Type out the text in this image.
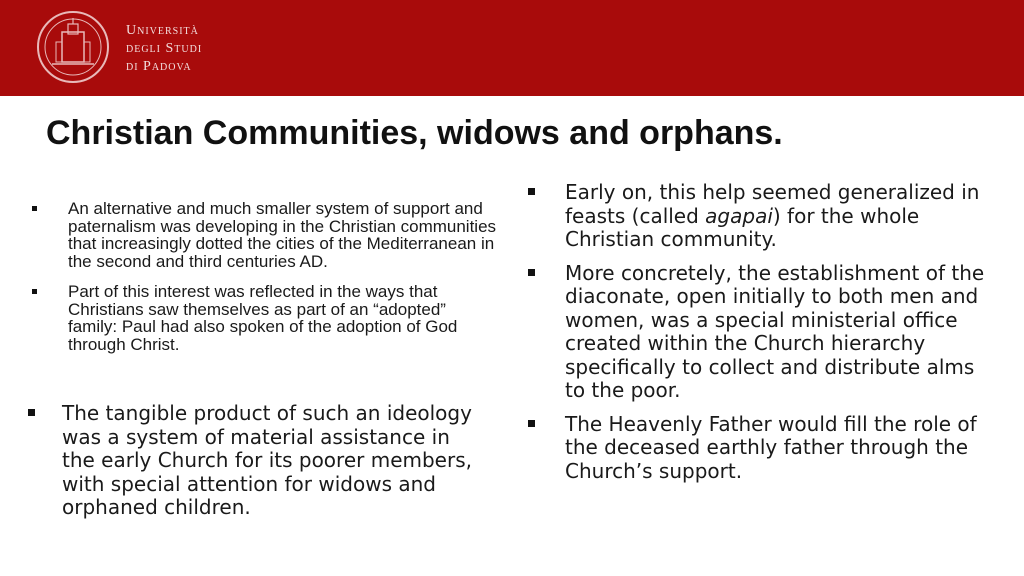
Università
degli Studi
di Padova
Christian Communities, widows and orphans.
An alternative and much smaller system of support and paternalism was developing in the Christian communities that increasingly dotted the cities of the Mediterranean in the second and third centuries AD.
Part of this interest was reflected in the ways that Christians saw themselves as part of an “adopted” family: Paul had also spoken of the adoption of God through Christ.
The tangible product of such an ideology was a system of material assistance in the early Church for its poorer members, with special attention for widows and orphaned children.
Early on, this help seemed generalized in feasts (called agapai) for the whole Christian community.
More concretely, the establishment of the diaconate, open initially to both men and women, was a special ministerial office created within the Church hierarchy specifically to collect and distribute alms to the poor.
The Heavenly Father would fill the role of the deceased earthly father through the Church’s support.
